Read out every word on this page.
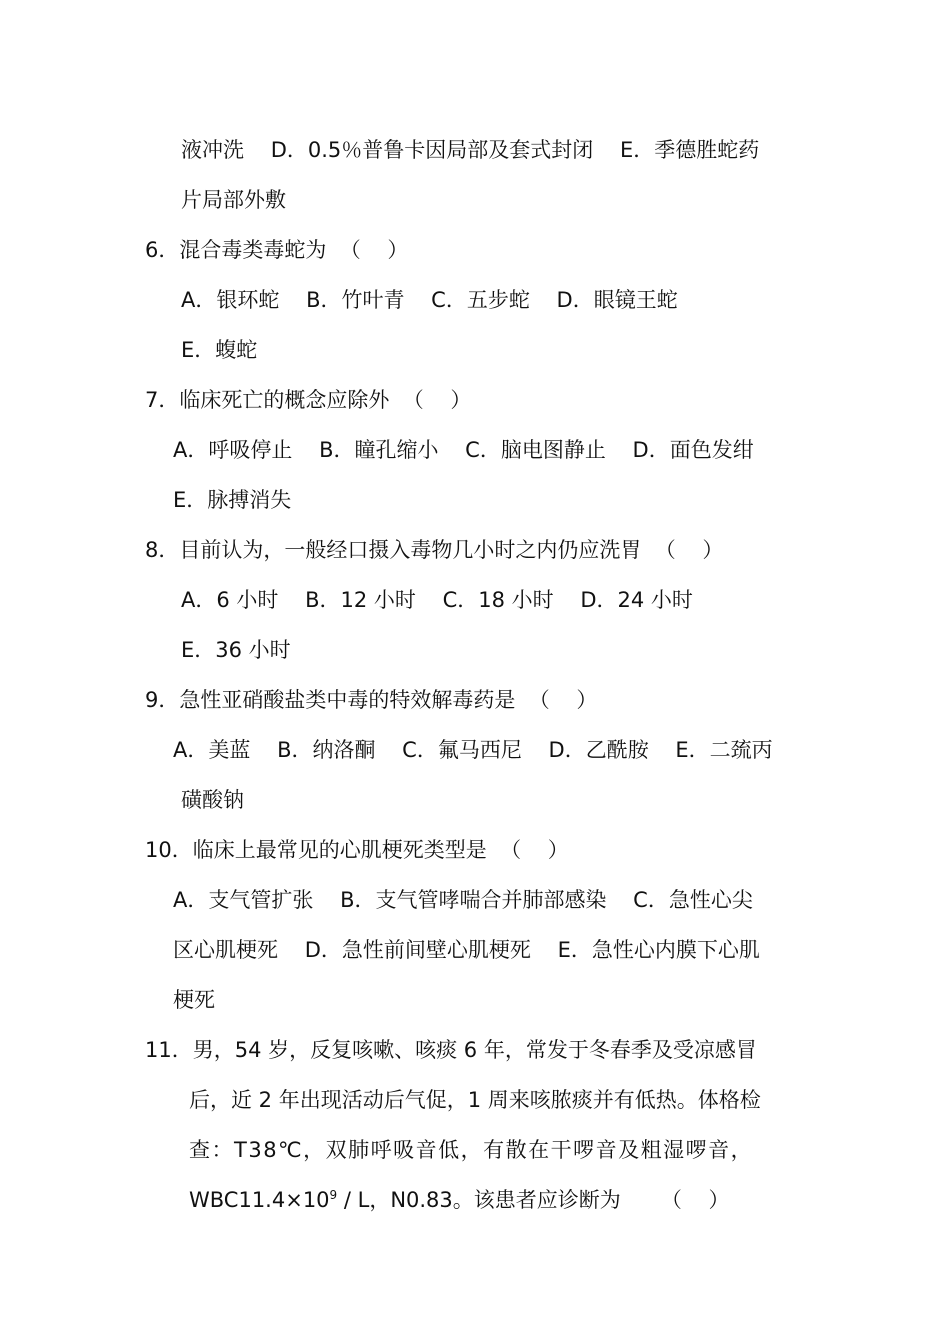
液冲洗    D．0.5％普鲁卡因局部及套式封闭    E．季德胜蛇药
片局部外敷
6．混合毒类毒蛇为  （    ）
A．银环蛇    B．竹叶青    C．五步蛇    D．眼镜王蛇
E．蝮蛇
7．临床死亡的概念应除外  （    ）
A．呼吸停止    B．瞳孔缩小    C．脑电图静止    D．面色发绀
E．脉搏消失
8．目前认为，一般经口摄入毒物几小时之内仍应洗胃  （    ）
A．6 小时    B．12 小时    C．18 小时    D．24 小时
E．36 小时
9．急性亚硝酸盐类中毒的特效解毒药是  （    ）
A．美蓝    B．纳洛酮    C．氟马西尼    D．乙酰胺    E．二巯丙
磺酸钠
10．临床上最常见的心肌梗死类型是  （    ）
A．支气管扩张    B．支气管哮喘合并肺部感染    C．急性心尖
区心肌梗死    D．急性前间壁心肌梗死    E．急性心内膜下心肌
梗死
11．男，54 岁，反复咳嗽、咳痰 6 年，常发于冬春季及受凉感冒
后，近 2 年出现活动后气促，1 周来咳脓痰并有低热。体格检
查：T38℃，双肺呼吸音低，有散在干啰音及粗湿啰音，
$WBC11.4\times 10^9 / L$，N0.83。该患者应诊断为      （    ）
